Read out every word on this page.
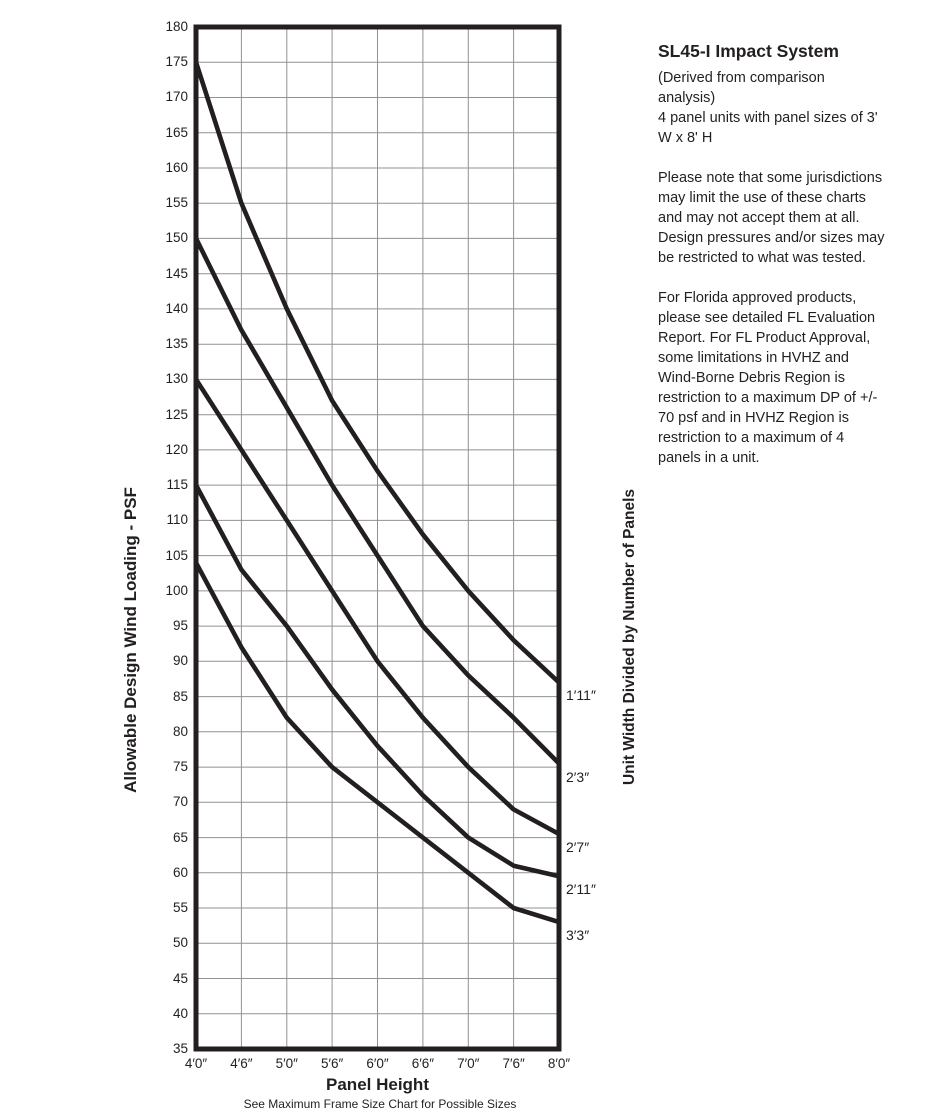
35
40
45
50
55
60
65
70
75
80
85
90
95
100
105
110
115
120
125
130
135
140
145
150
155
160
165
170
175
180
4′0″	4′6″	5′0″	5′6″	6′0″	6′6″	7′0″	7′6″	8′0″
1′11″
2′3″
2′7″
2′11″
3′3″
Allowable Design Wind Loading - PSF	Unit Width Divided by Number of Panels
Panel Height
See Maximum Frame Size Chart for Possible Sizes
SL45-I Impact System

(Derived from comparison analysis)

4 panel units with panel sizes of 3' W x 8' H

Please note that some jurisdictions may limit the use of these charts and may not accept them at all. Design pressures and/or sizes may be restricted to what was tested.

For Florida approved products, please see detailed FL Evaluation Report. For FL Product Approval, some limitations in HVHZ and Wind-Borne Debris Region is restriction to a maximum DP of +/- 70 psf and in HVHZ Region is restriction to a maximum of 4 panels in a unit.
